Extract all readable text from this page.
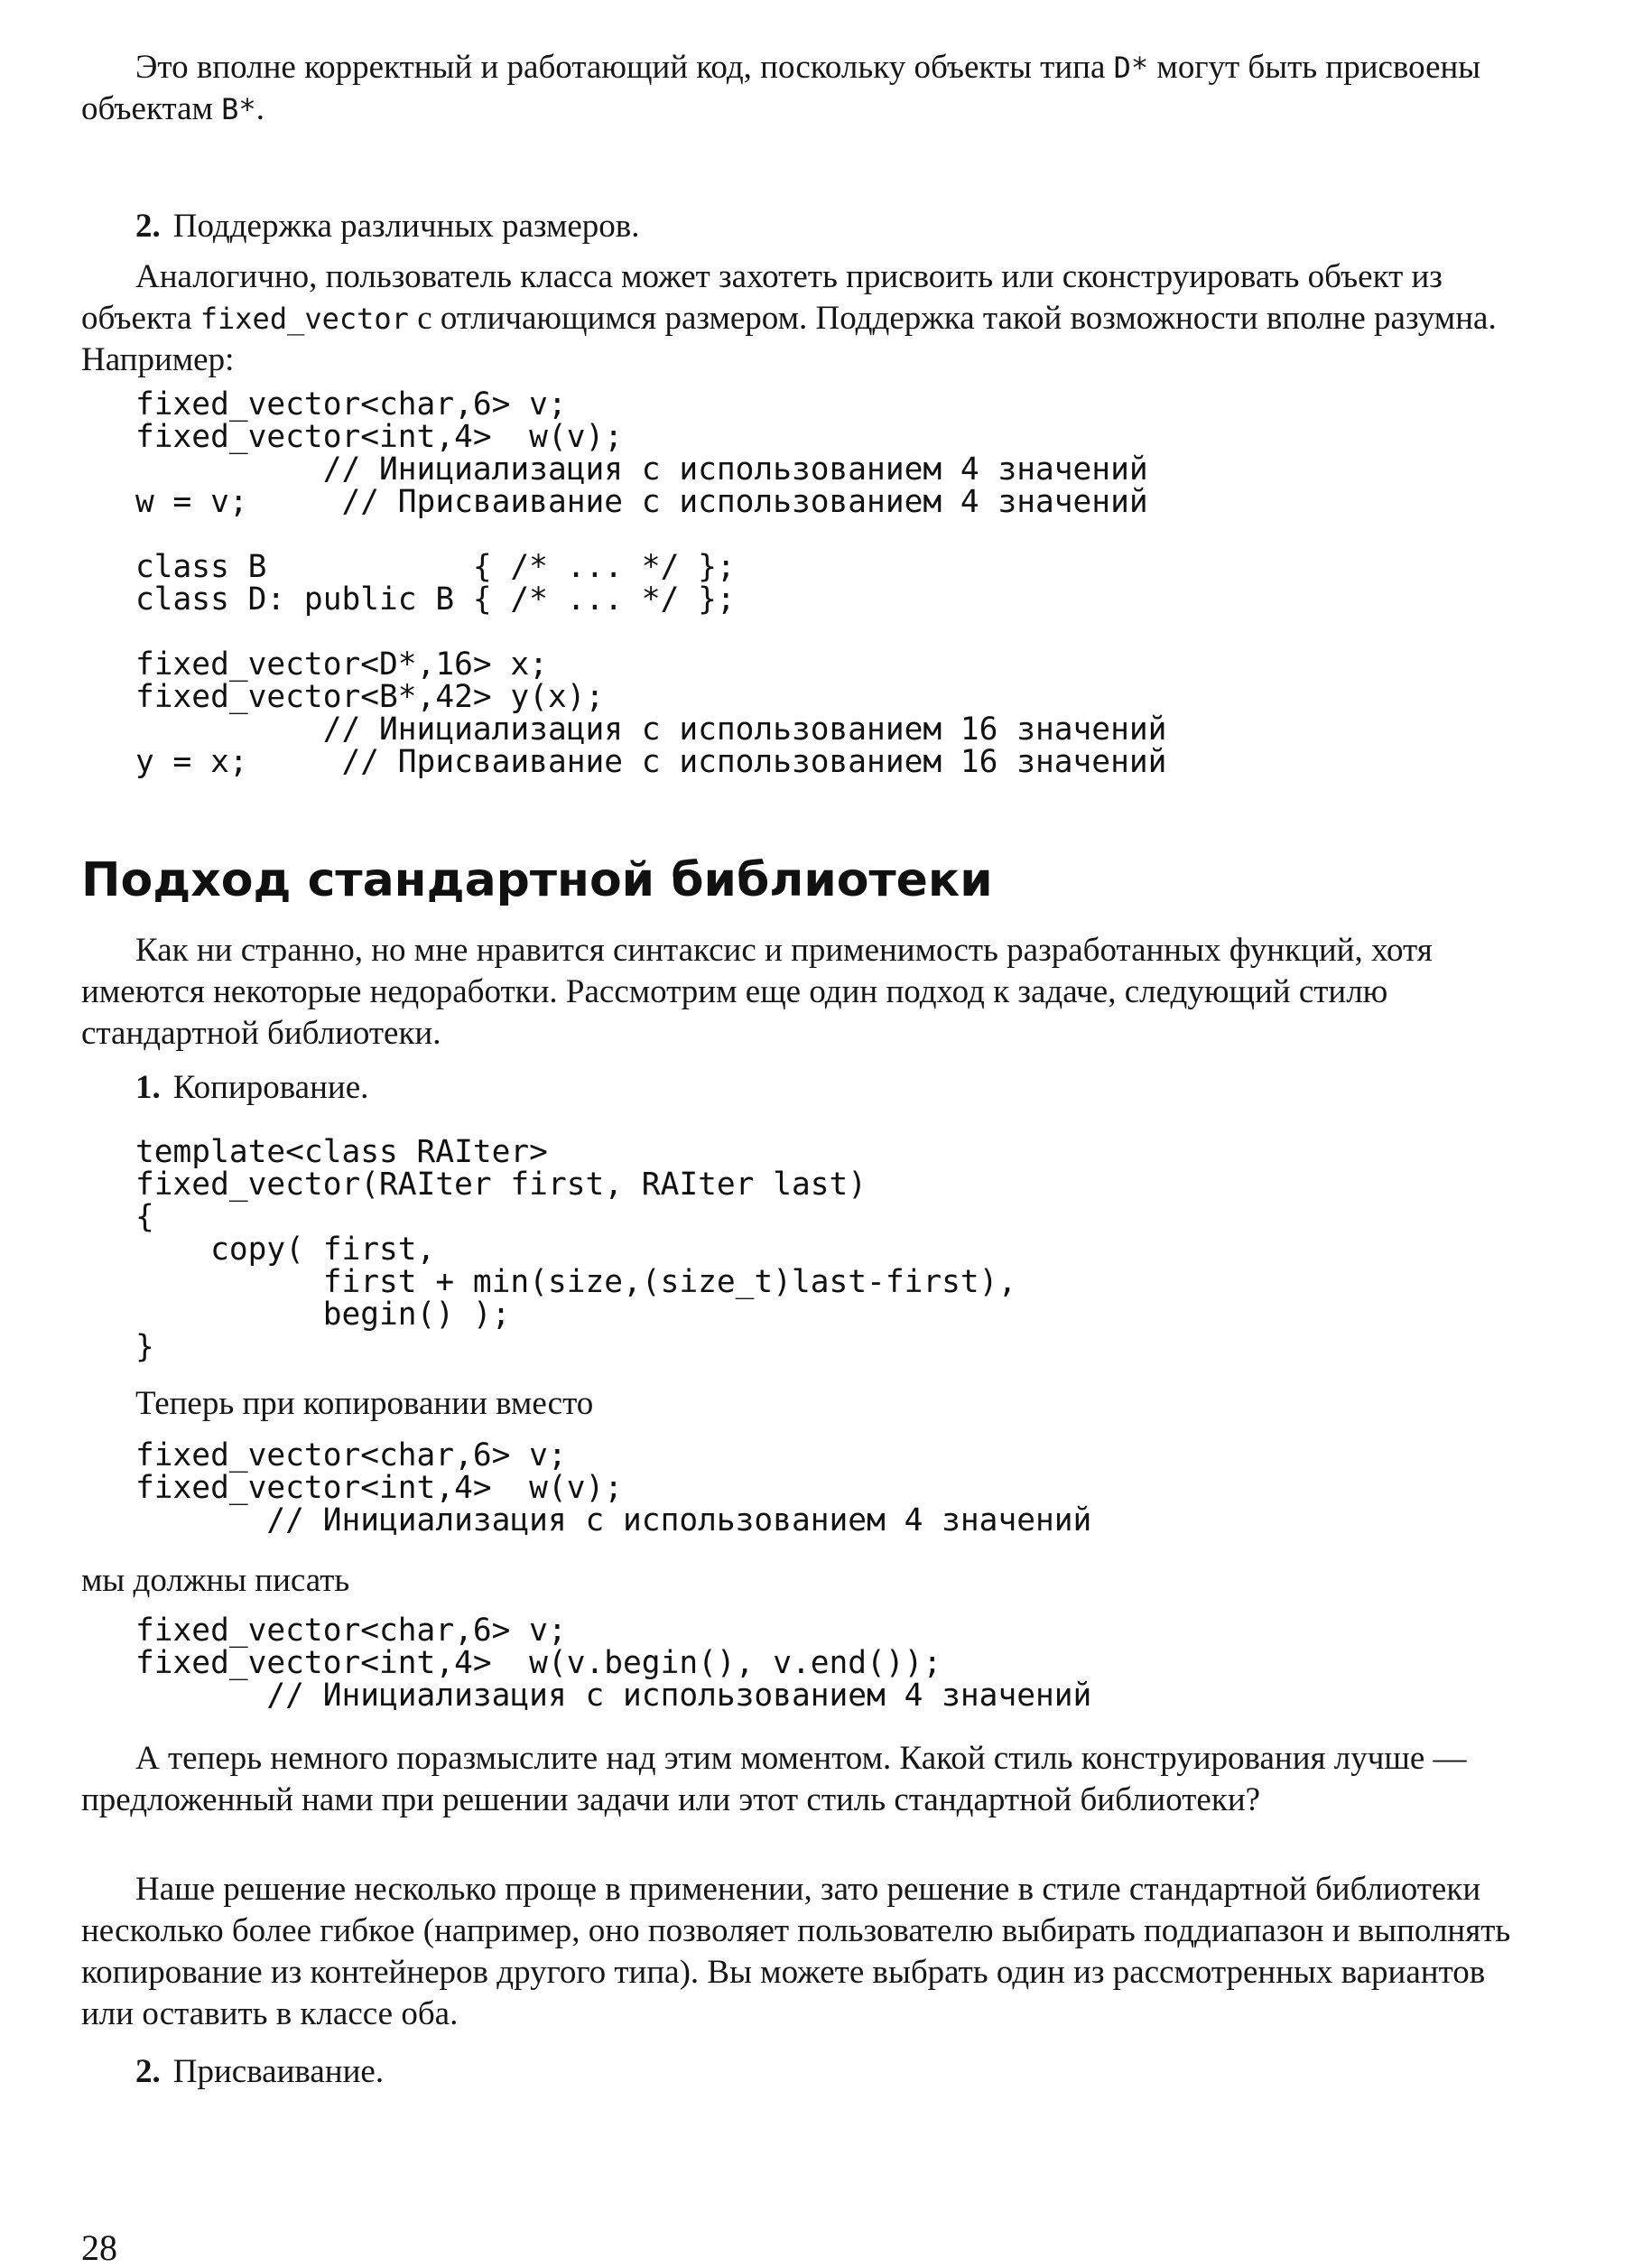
Это вполне корректный и работающий код, поскольку объекты типа D* могут быть присвоены объектам B*.

2. Поддержка различных размеров.

Аналогично, пользователь класса может захотеть присвоить или сконструировать объект из объекта fixed_vector с отличающимся размером. Поддержка такой возможности вполне разумна. Например:

fixed_vector<char,6> v;
fixed_vector<int,4>  w(v);
// Инициализация с использованием 4 значений
w = v;     // Присваивание с использованием 4 значений

class B           { /* ... */ };
class D: public B { /* ... */ };

fixed_vector<D*,16> x;
fixed_vector<B*,42> y(x);
// Инициализация с использованием 16 значений
y = x;     // Присваивание с использованием 16 значений
Подход стандартной библиотеки

Как ни странно, но мне нравится синтаксис и применимость разработанных функций, хотя имеются некоторые недоработки. Рассмотрим еще один подход к задаче, следующий стилю стандартной библиотеки.

1. Копирование.

template<class RAIter>
fixed_vector(RAIter first, RAIter last)
{
copy( first,
first + min(size,(size_t)last-first),
begin() );
}

Теперь при копировании вместо

fixed_vector<char,6> v;
fixed_vector<int,4>  w(v);
// Инициализация с использованием 4 значений

мы должны писать

fixed_vector<char,6> v;
fixed_vector<int,4>  w(v.begin(), v.end());
// Инициализация с использованием 4 значений

А теперь немного поразмыслите над этим моментом. Какой стиль конструирования лучше — предложенный нами при решении задачи или этот стиль стандартной библиотеки?

Наше решение несколько проще в применении, зато решение в стиле стандартной библиотеки несколько более гибкое (например, оно позволяет пользователю выбирать поддиапазон и выполнять копирование из контейнеров другого типа). Вы можете выбрать один из рассмотренных вариантов или оставить в классе оба.

2. Присваивание.

28
